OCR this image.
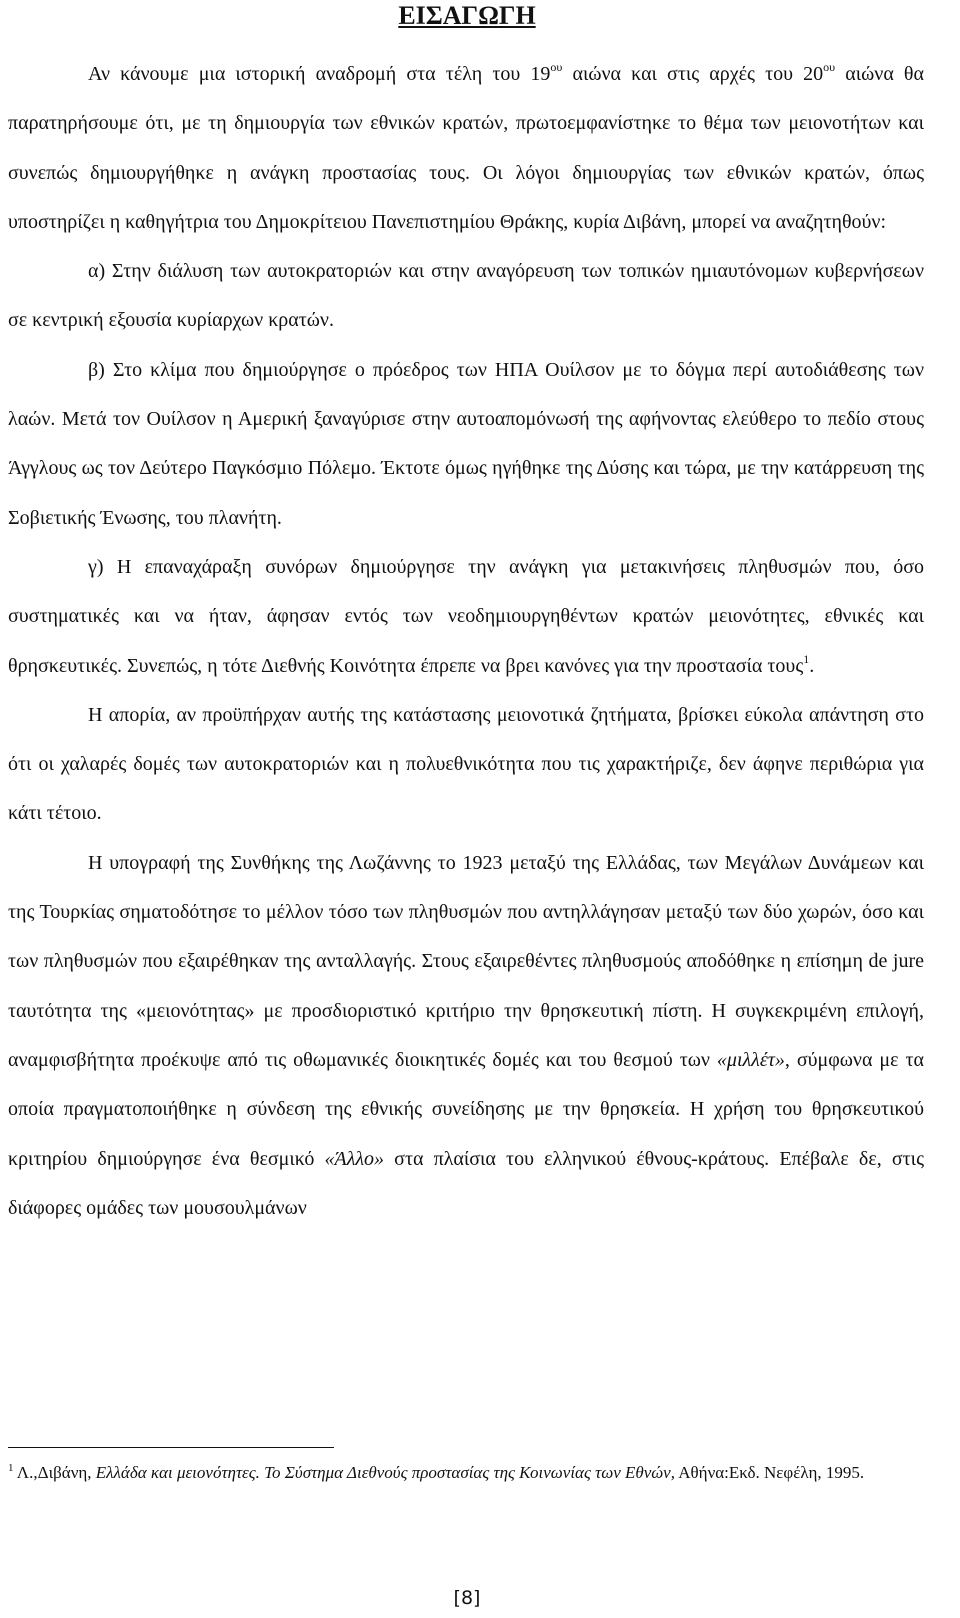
ΕΙΣΑΓΩΓΗ

Αν κάνουμε μια ιστορική αναδρομή στα τέλη του $19^{o\upsilon}$ αιώνα και στις αρχές του $20^{o\upsilon}$ αιώνα θα παρατηρήσουμε ότι, με τη δημιουργία των εθνικών κρατών, πρωτοεμφανίστηκε το θέμα των μειονοτήτων και συνεπώς δημιουργήθηκε η ανάγκη προστασίας τους. Οι λόγοι δημιουργίας των εθνικών κρατών, όπως υποστηρίζει η καθηγήτρια του Δημοκρίτειου Πανεπιστημίου Θράκης, κυρία Διβάνη, μπορεί να αναζητηθούν:

α) Στην διάλυση των αυτοκρατοριών και στην αναγόρευση των τοπικών ημιαυτόνομων κυβερνήσεων σε κεντρική εξουσία κυρίαρχων κρατών.

β) Στο κλίμα που δημιούργησε ο πρόεδρος των ΗΠΑ Ουίλσον με το δόγμα περί αυτοδιάθεσης των λαών. Μετά τον Ουίλσον η Αμερική ξαναγύρισε στην αυτοαπομόνωσή της αφήνοντας ελεύθερο το πεδίο στους Άγγλους ως τον Δεύτερο Παγκόσμιο Πόλεμο. Έκτοτε όμως ηγήθηκε της Δύσης και τώρα, με την κατάρρευση της Σοβιετικής Ένωσης, του πλανήτη.

γ) Η επαναχάραξη συνόρων δημιούργησε την ανάγκη για μετακινήσεις πληθυσμών που, όσο συστηματικές και να ήταν, άφησαν εντός των νεοδημιουργηθέντων κρατών μειονότητες, εθνικές και θρησκευτικές. Συνεπώς, η τότε Διεθνής Κοινότητα έπρεπε να βρει κανόνες για την προστασία τους$^1$.

Η απορία, αν προϋπήρχαν αυτής της κατάστασης μειονοτικά ζητήματα, βρίσκει εύκολα απάντηση στο ότι οι χαλαρές δομές των αυτοκρατοριών και η πολυεθνικότητα που τις χαρακτήριζε, δεν άφηνε περιθώρια για κάτι τέτοιο.

Η υπογραφή της Συνθήκης της Λωζάννης το 1923 μεταξύ της Ελλάδας, των Μεγάλων Δυνάμεων και της Τουρκίας σηματοδότησε το μέλλον τόσο των πληθυσμών που αντηλλάγησαν μεταξύ των δύο χωρών, όσο και των πληθυσμών που εξαιρέθηκαν της ανταλλαγής. Στους εξαιρεθέντες πληθυσμούς αποδόθηκε η επίσημη de jure ταυτότητα της «μειονότητας» με προσδιοριστικό κριτήριο την θρησκευτική πίστη. Η συγκεκριμένη επιλογή, αναμφισβήτητα προέκυψε από τις οθωμανικές διοικητικές δομές και του θεσμού των «μιλλέτ», σύμφωνα με τα οποία πραγματοποιήθηκε η σύνδεση της εθνικής συνείδησης με την θρησκεία. Η χρήση του θρησκευτικού κριτηρίου δημιούργησε ένα θεσμικό «Άλλο» στα πλαίσια του ελληνικού έθνους-κράτους. Επέβαλε δε, στις διάφορες ομάδες των μουσουλμάνων

$^1$ Λ.,Διβάνη, Ελλάδα και μειονότητες. Το Σύστημα Διεθνούς προστασίας της Κοινωνίας των Εθνών, Αθήνα:Εκδ. Νεφέλη, 1995.
[8]
